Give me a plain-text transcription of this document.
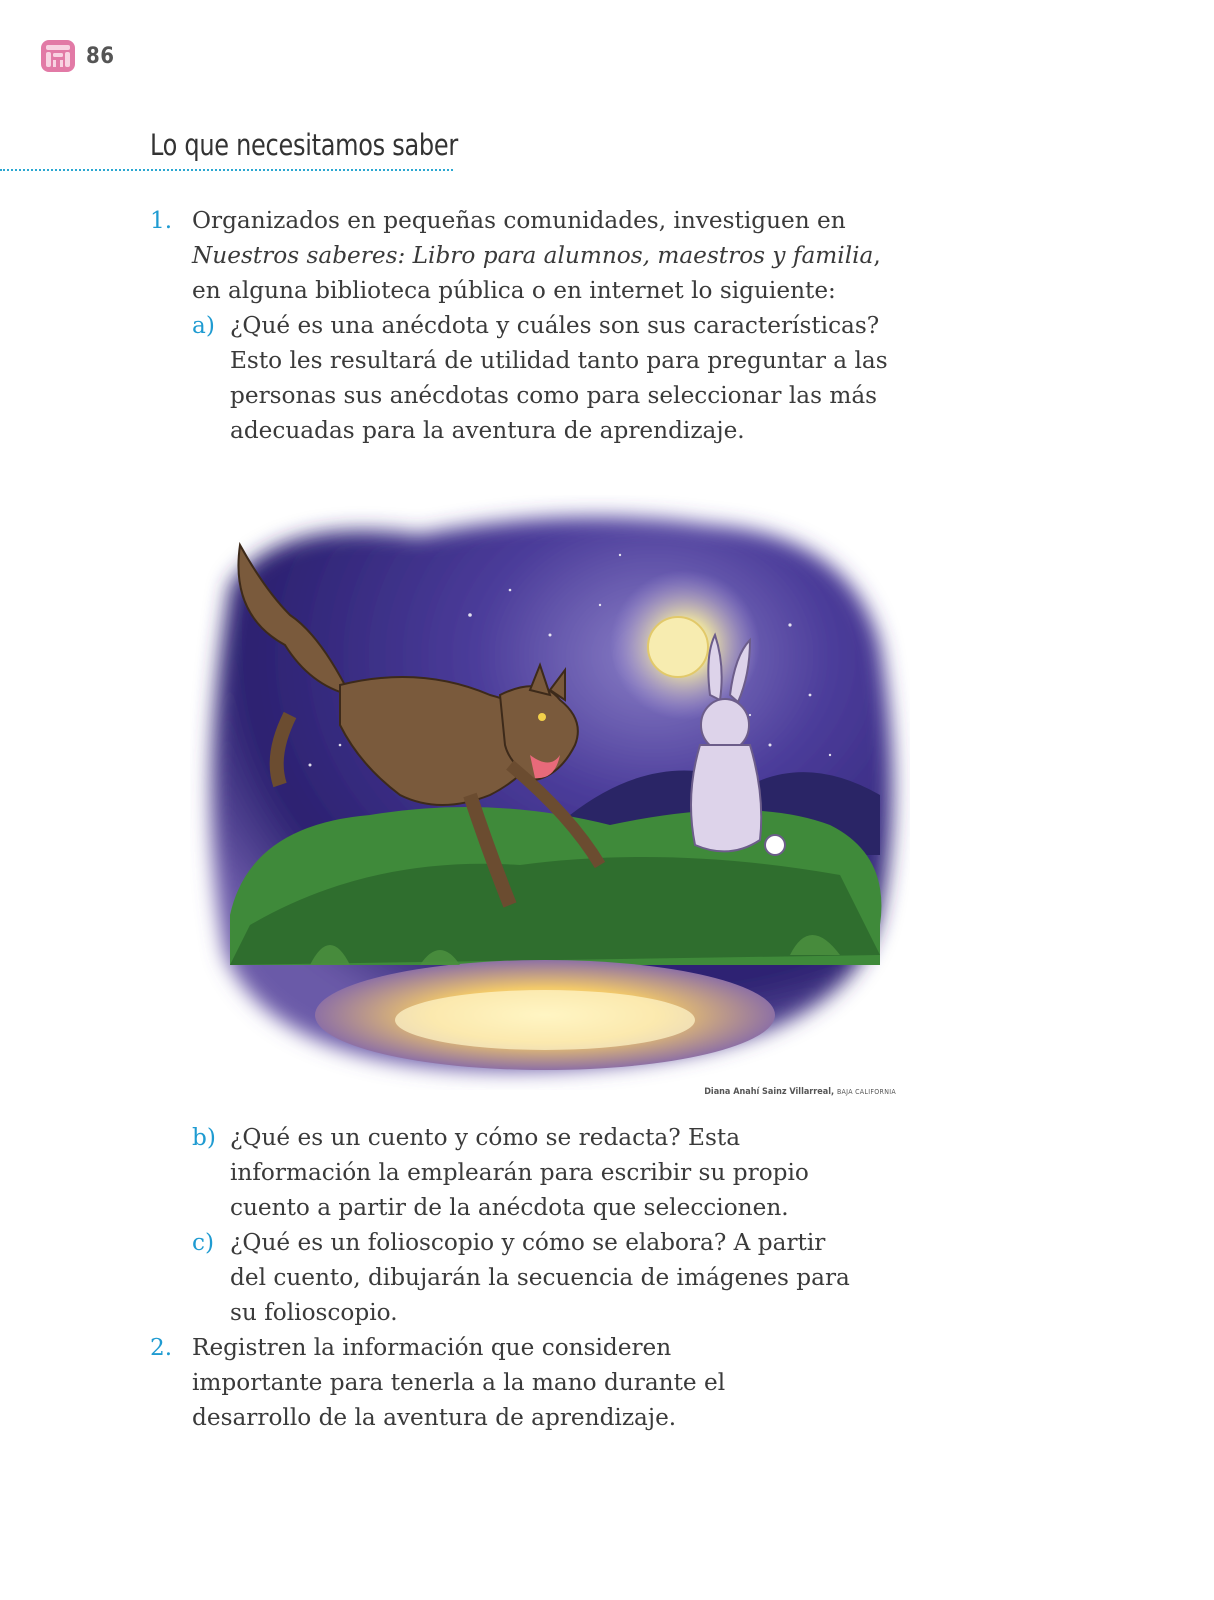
86
Lo que necesitamos saber
1. Organizados en pequeñas comunidades, investiguen en
Nuestros saberes: Libro para alumnos, maestros y familia,
en alguna biblioteca pública o en internet lo siguiente:
a) ¿Qué es una anécdota y cuáles son sus características? Esto les resultará de utilidad tanto para preguntar a las personas sus anécdotas como para seleccionar las más adecuadas para la aventura de aprendizaje.
Diana Anahí Sainz Villarreal, BAJA CALIFORNIA
b) ¿Qué es un cuento y cómo se redacta? Esta información la emplearán para escribir su propio cuento a partir de la anécdota que seleccionen.
c) ¿Qué es un folioscopio y cómo se elabora? A partir del cuento, dibujarán la secuencia de imágenes para su folioscopio.
2. Registren la información que consideren importante para tenerla a la mano durante el desarrollo de la aventura de aprendizaje.
